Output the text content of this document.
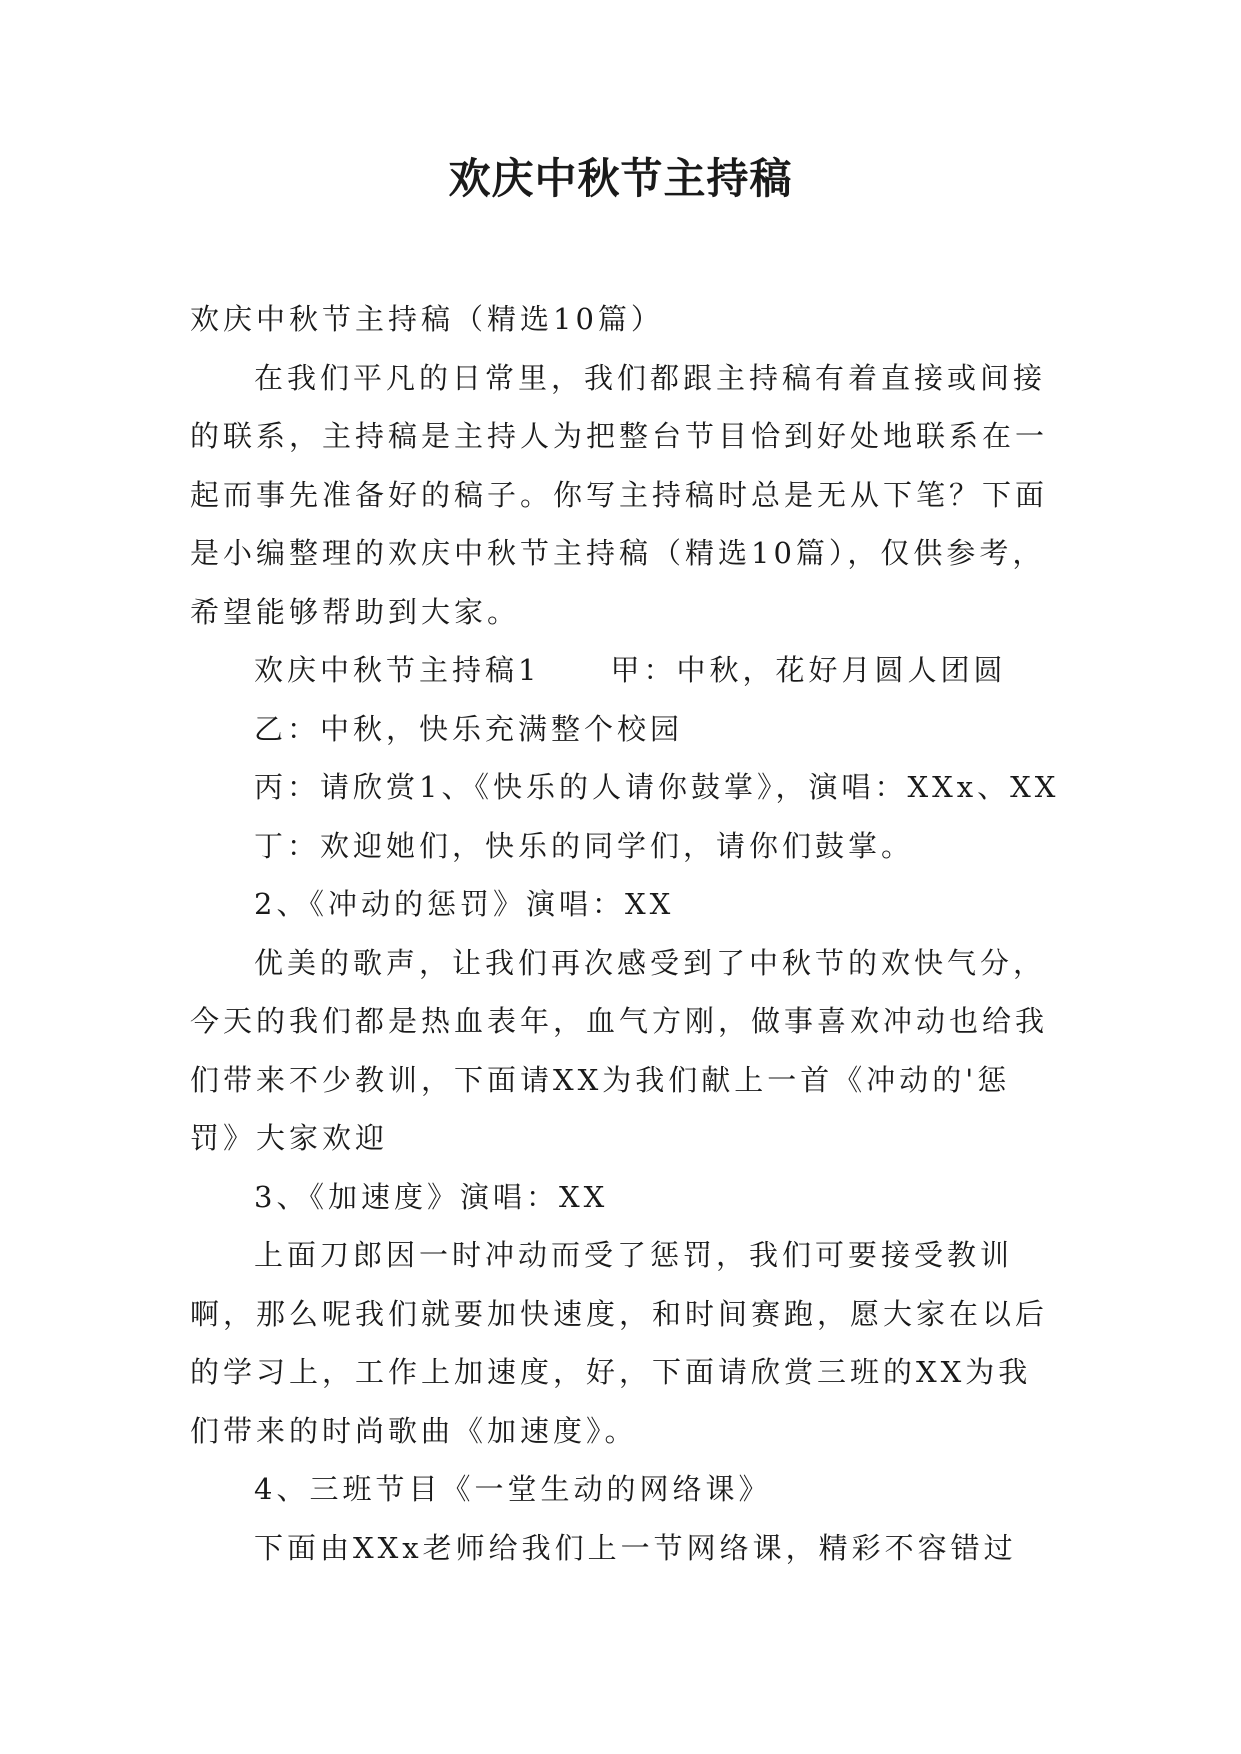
欢庆中秋节主持稿

欢庆中秋节主持稿（精选10篇）

在我们平凡的日常里，我们都跟主持稿有着直接或间接的联系，主持稿是主持人为把整台节目恰到好处地联系在一起而事先准备好的稿子。你写主持稿时总是无从下笔？下面是小编整理的欢庆中秋节主持稿（精选10篇），仅供参考，希望能够帮助到大家。

欢庆中秋节主持稿1 甲：中秋，花好月圆人团圆

乙：中秋，快乐充满整个校园

丙：请欣赏1、《快乐的人请你鼓掌》，演唱：XXx、XX

丁：欢迎她们，快乐的同学们，请你们鼓掌。

2、《冲动的惩罚》演唱：XX

优美的歌声，让我们再次感受到了中秋节的欢快气分，今天的我们都是热血表年，血气方刚，做事喜欢冲动也给我们带来不少教训，下面请XX为我们献上一首《冲动的'惩罚》大家欢迎

3、《加速度》演唱：XX

上面刀郎因一时冲动而受了惩罚，我们可要接受教训啊，那么呢我们就要加快速度，和时间赛跑，愿大家在以后的学习上，工作上加速度，好，下面请欣赏三班的XX为我们带来的时尚歌曲《加速度》。

4、三班节目《一堂生动的网络课》

下面由XXx老师给我们上一节网络课，精彩不容错过
